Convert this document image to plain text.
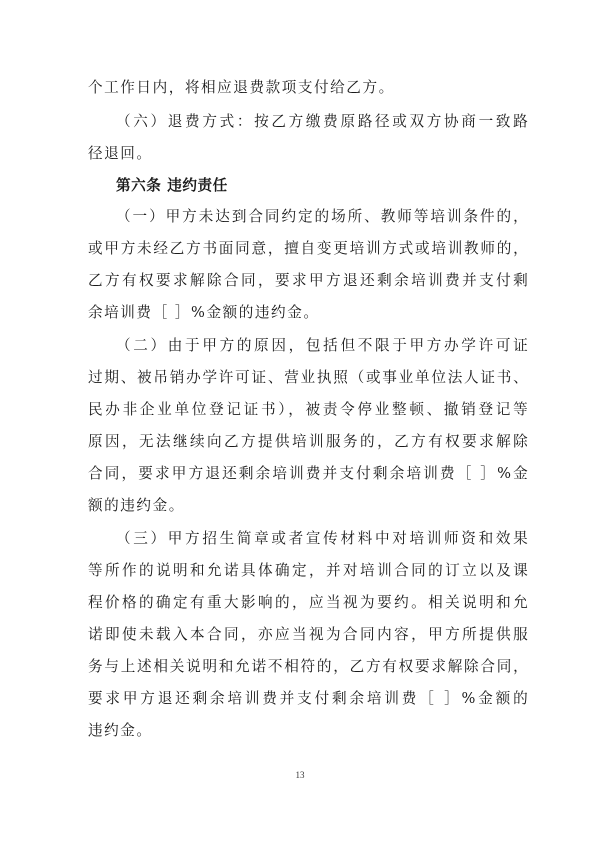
个工作日内，将相应退费款项支付给乙方。
（六）退费方式：按乙方缴费原路径或双方协商一致路
径退回。
第六条 违约责任
（一）甲方未达到合同约定的场所、教师等培训条件的，
或甲方未经乙方书面同意，擅自变更培训方式或培训教师的，
乙方有权要求解除合同，要求甲方退还剩余培训费并支付剩
余培训费［ ］%金额的违约金。
（二）由于甲方的原因，包括但不限于甲方办学许可证
过期、被吊销办学许可证、营业执照（或事业单位法人证书、
民办非企业单位登记证书），被责令停业整顿、撤销登记等
原因，无法继续向乙方提供培训服务的，乙方有权要求解除
合同，要求甲方退还剩余培训费并支付剩余培训费［ ］%金
额的违约金。
（三）甲方招生简章或者宣传材料中对培训师资和效果
等所作的说明和允诺具体确定，并对培训合同的订立以及课
程价格的确定有重大影响的，应当视为要约。相关说明和允
诺即使未载入本合同，亦应当视为合同内容，甲方所提供服
务与上述相关说明和允诺不相符的，乙方有权要求解除合同，
要求甲方退还剩余培训费并支付剩余培训费［ ］%金额的
违约金。
13
